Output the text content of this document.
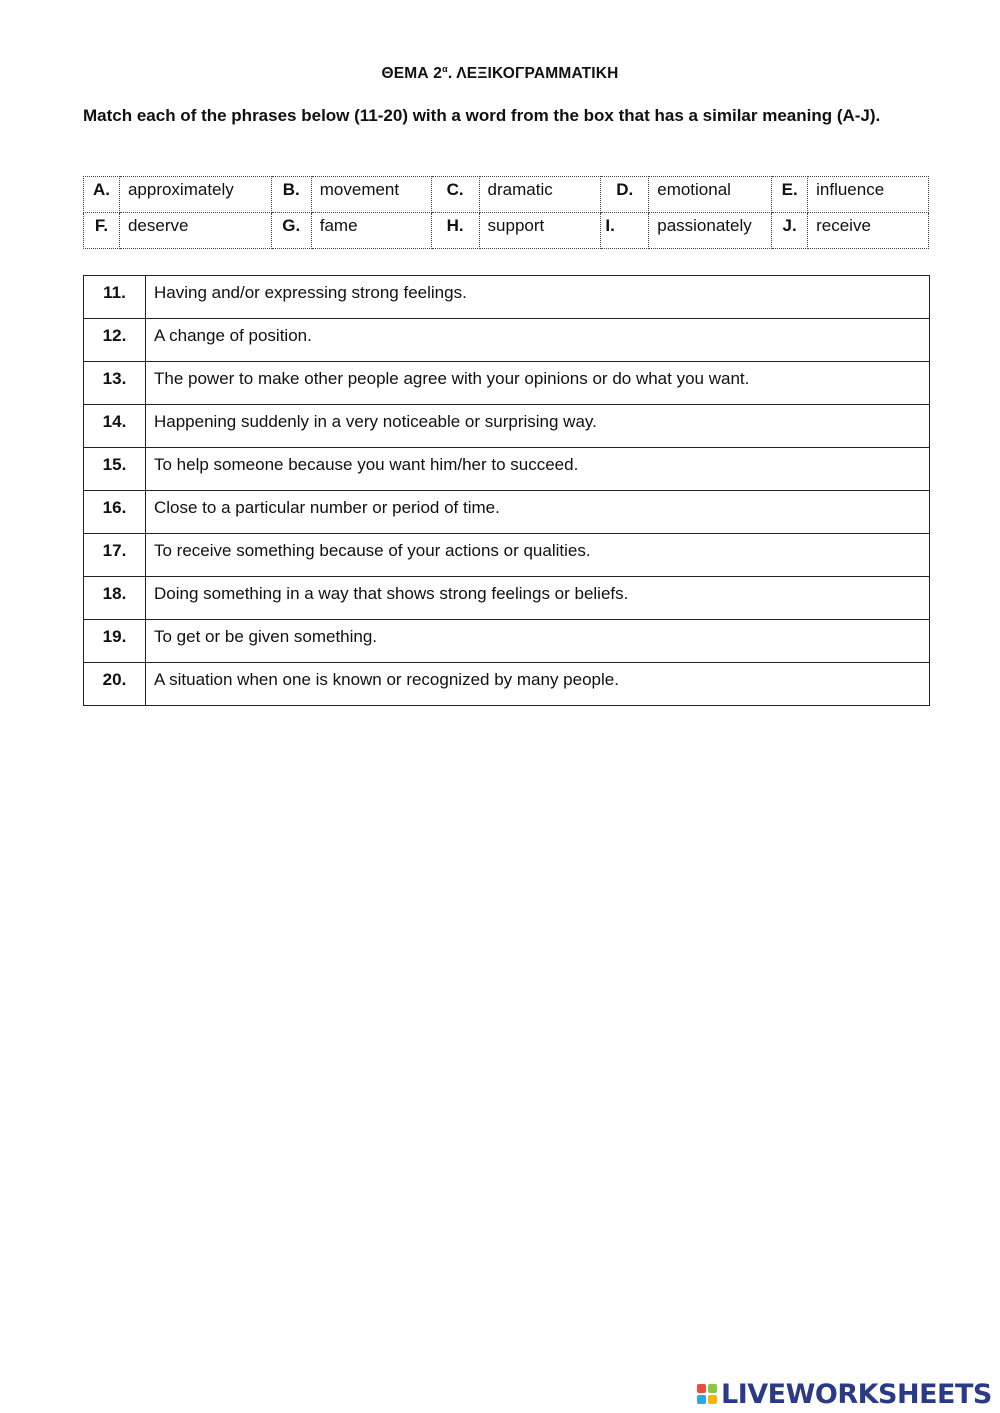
ΘΕΜΑ $2^\alpha$. ΛΕΞΙΚΟΓΡΑΜΜΑΤΙΚΗ
Match each of the phrases below (11-20) with a word from the box that has a similar meaning (A-J).
A.	approximately	B.	movement	C.	dramatic	D.	emotional	E.	influence
F.	deserve	G.	fame	H.	support	I.	passionately	J.	receive
11.	Having and/or expressing strong feelings.
12.	A change of position.
13.	The power to make other people agree with your opinions or do what you want.
14.	Happening suddenly in a very noticeable or surprising way.
15.	To help someone because you want him/her to succeed.
16.	Close to a particular number or period of time.
17.	To receive something because of your actions or qualities.
18.	Doing something in a way that shows strong feelings or beliefs.
19.	To get or be given something.
20.	A situation when one is known or recognized by many people.
LIVEWORKSHEETS
